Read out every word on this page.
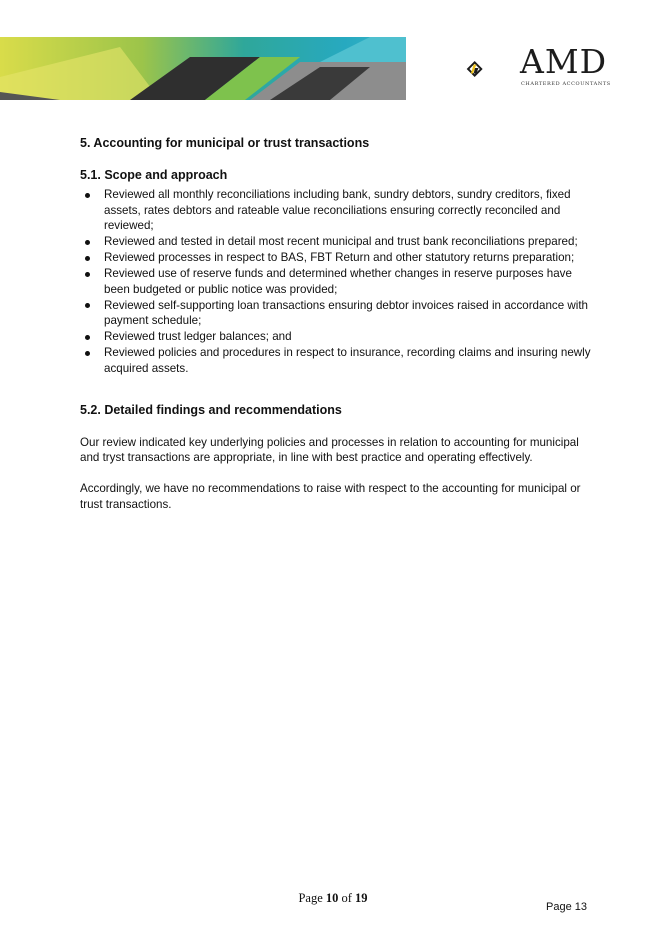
AMD
CHARTERED ACCOUNTANTS
5. Accounting for municipal or trust transactions
5.1. Scope and approach
Reviewed all monthly reconciliations including bank, sundry debtors, sundry creditors, fixed assets, rates debtors and rateable value reconciliations ensuring correctly reconciled and reviewed;
Reviewed and tested in detail most recent municipal and trust bank reconciliations prepared;
Reviewed processes in respect to BAS, FBT Return and other statutory returns preparation;
Reviewed use of reserve funds and determined whether changes in reserve purposes have been budgeted or public notice was provided;
Reviewed self-supporting loan transactions ensuring debtor invoices raised in accordance with payment schedule;
Reviewed trust ledger balances; and
Reviewed policies and procedures in respect to insurance, recording claims and insuring newly acquired assets.
5.2. Detailed findings and recommendations

Our review indicated key underlying policies and processes in relation to accounting for municipal and tryst transactions are appropriate, in line with best practice and operating effectively.

Accordingly, we have no recommendations to raise with respect to the accounting for municipal or trust transactions.

Page 10 of 19
Page 13
